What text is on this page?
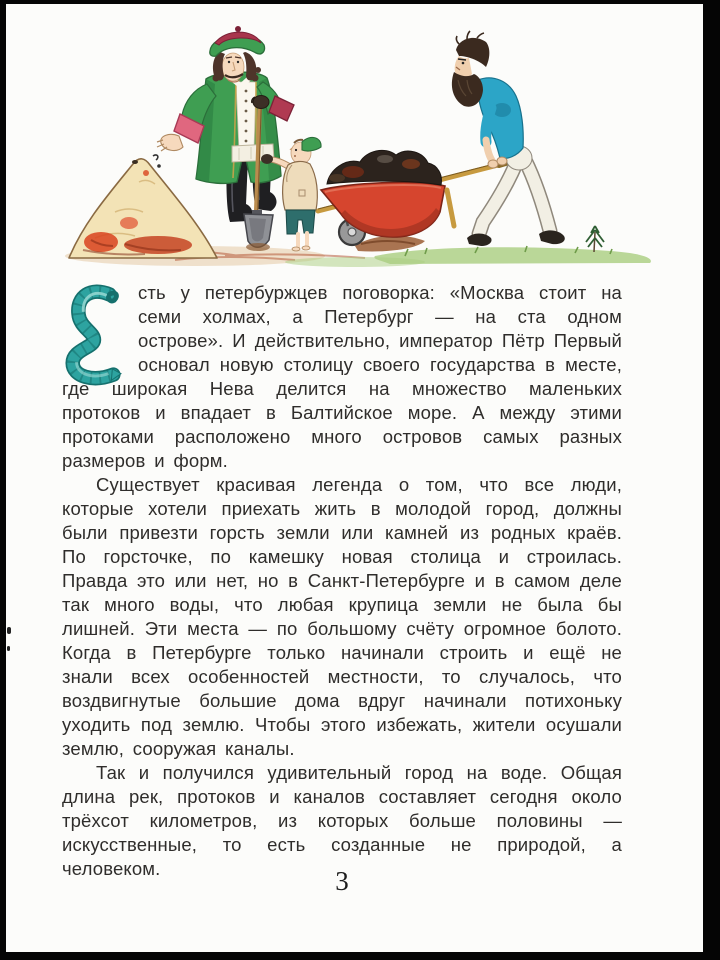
сть у петербуржцев поговорка: «Москва стоит на семи холмах, а Петербург — на ста одном острове». И действительно, император Пётр Первый основал новую столицу своего государства в месте, где широкая Нева делится на множество маленьких протоков и впадает в Балтийское море. А между этими протоками расположено много островов самых разных размеров и форм.

Существует красивая легенда о том, что все люди, которые хотели приехать жить в молодой город, должны были привезти горсть земли или камней из родных краёв. По горсточке, по камешку новая столица и строилась. Правда это или нет, но в Санкт-Петербурге и в самом деле так много воды, что любая крупица земли не была бы лишней. Эти места — по большому счёту огромное болото. Когда в Петербурге только начинали строить и ещё не знали всех особенностей местности, то случалось, что воздвигнутые большие дома вдруг начинали потихоньку уходить под землю. Чтобы этого избежать, жители осушали землю, сооружая каналы.

Так и получился удивительный город на воде. Общая длина рек, протоков и каналов составляет сегодня около трёхсот километров, из которых больше половины — искусственные, то есть созданные не природой, а человеком.	3
